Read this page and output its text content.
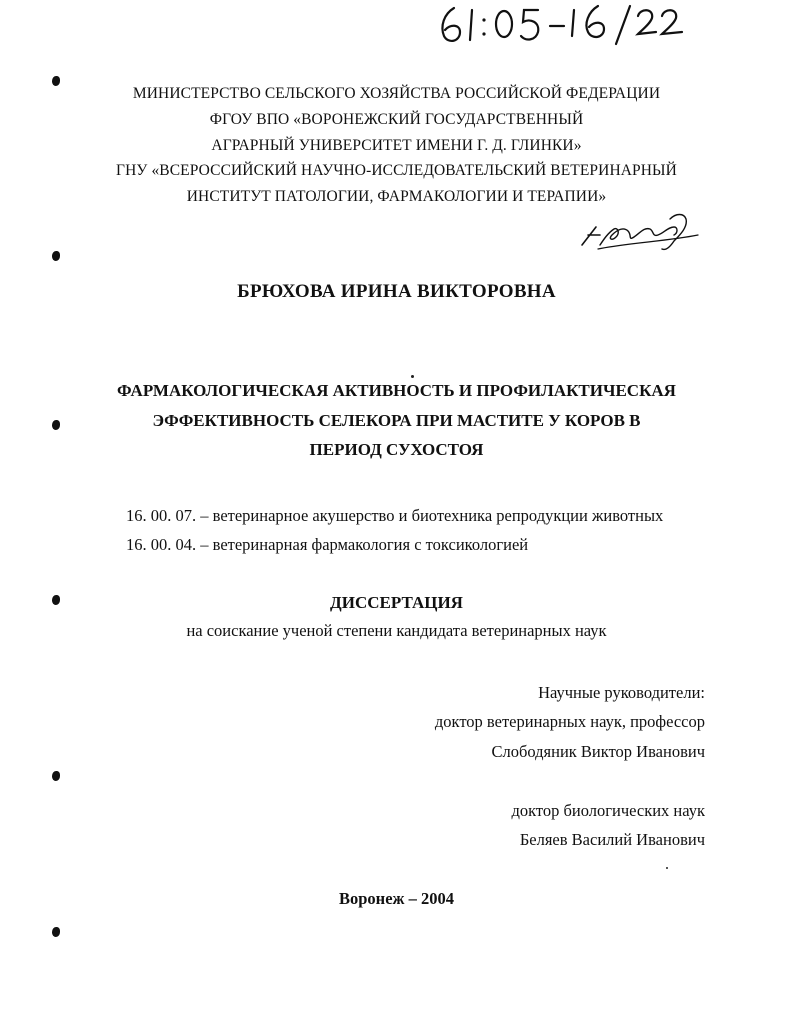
МИНИСТЕРСТВО СЕЛЬСКОГО ХОЗЯЙСТВА РОССИЙСКОЙ ФЕДЕРАЦИИ
ФГОУ ВПО «ВОРОНЕЖСКИЙ ГОСУДАРСТВЕННЫЙ
АГРАРНЫЙ УНИВЕРСИТЕТ ИМЕНИ Г. Д. ГЛИНКИ»
ГНУ «ВСЕРОССИЙСКИЙ НАУЧНО-ИССЛЕДОВАТЕЛЬСКИЙ ВЕТЕРИНАРНЫЙ
ИНСТИТУТ ПАТОЛОГИИ, ФАРМАКОЛОГИИ И ТЕРАПИИ»
БРЮХОВА ИРИНА ВИКТОРОВНА
ФАРМАКОЛОГИЧЕСКАЯ АКТИВНОСТЬ И ПРОФИЛАКТИЧЕСКАЯ
ЭФФЕКТИВНОСТЬ СЕЛЕКОРА ПРИ МАСТИТЕ У КОРОВ В
ПЕРИОД СУХОСТОЯ
16. 00. 07. – ветеринарное акушерство и биотехника репродукции животных
16. 00. 04. – ветеринарная фармакология с токсикологией
ДИССЕРТАЦИЯ
на соискание ученой степени кандидата ветеринарных наук
Научные руководители:
доктор ветеринарных наук, профессор
Слободяник Виктор Иванович
доктор биологических наук
Беляев Василий Иванович
Воронеж – 2004
